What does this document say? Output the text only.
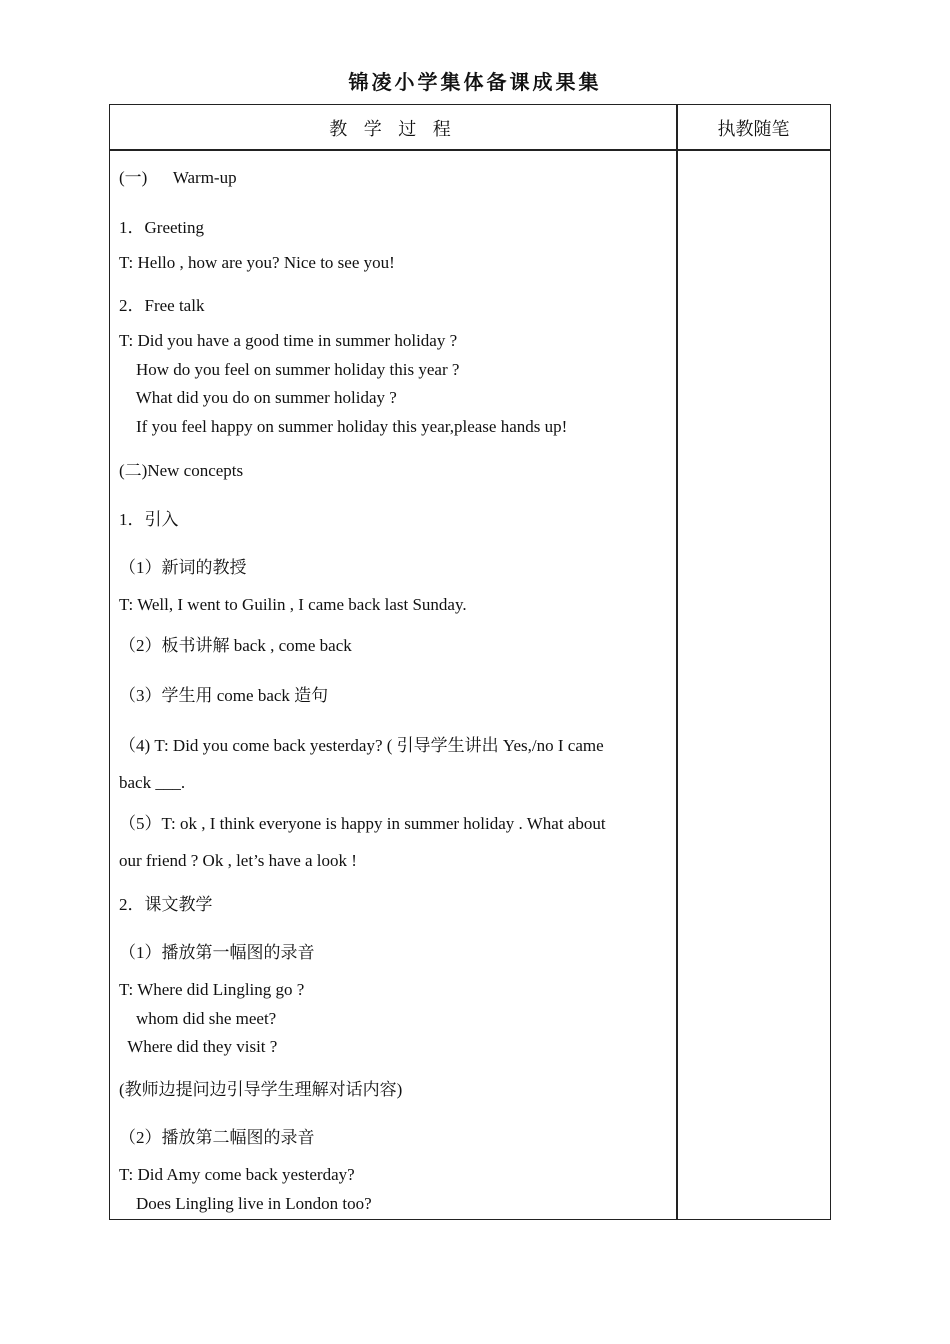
锦凌小学集体备课成果集
教 学 过 程	执教随笔
(一)      Warm-up
1．Greeting
T: Hello , how are you? Nice to see you!
2．Free talk
T: Did you have a good time in summer holiday ?
How do you feel on summer holiday this year ?
What did you do on summer holiday ?
If you feel happy on summer holiday this year,please hands up!
(二)New concepts
1．引入
（1）新词的教授
T: Well, I went to Guilin , I came back last Sunday.
（2）板书讲解 back , come back
（3）学生用 come back 造句
（4) T: Did you come back yesterday? ( 引导学生讲出 Yes,/no I came
back ___.
（5）T: ok , I think everyone is happy in summer holiday . What about
our friend ? Ok , let’s have a look !
2．课文教学
（1）播放第一幅图的录音
T: Where did Lingling go ?
whom did she meet?
Where did they visit ?
(教师边提问边引导学生理解对话内容)
（2）播放第二幅图的录音
T: Did Amy come back yesterday?
Does Lingling live in London too?
